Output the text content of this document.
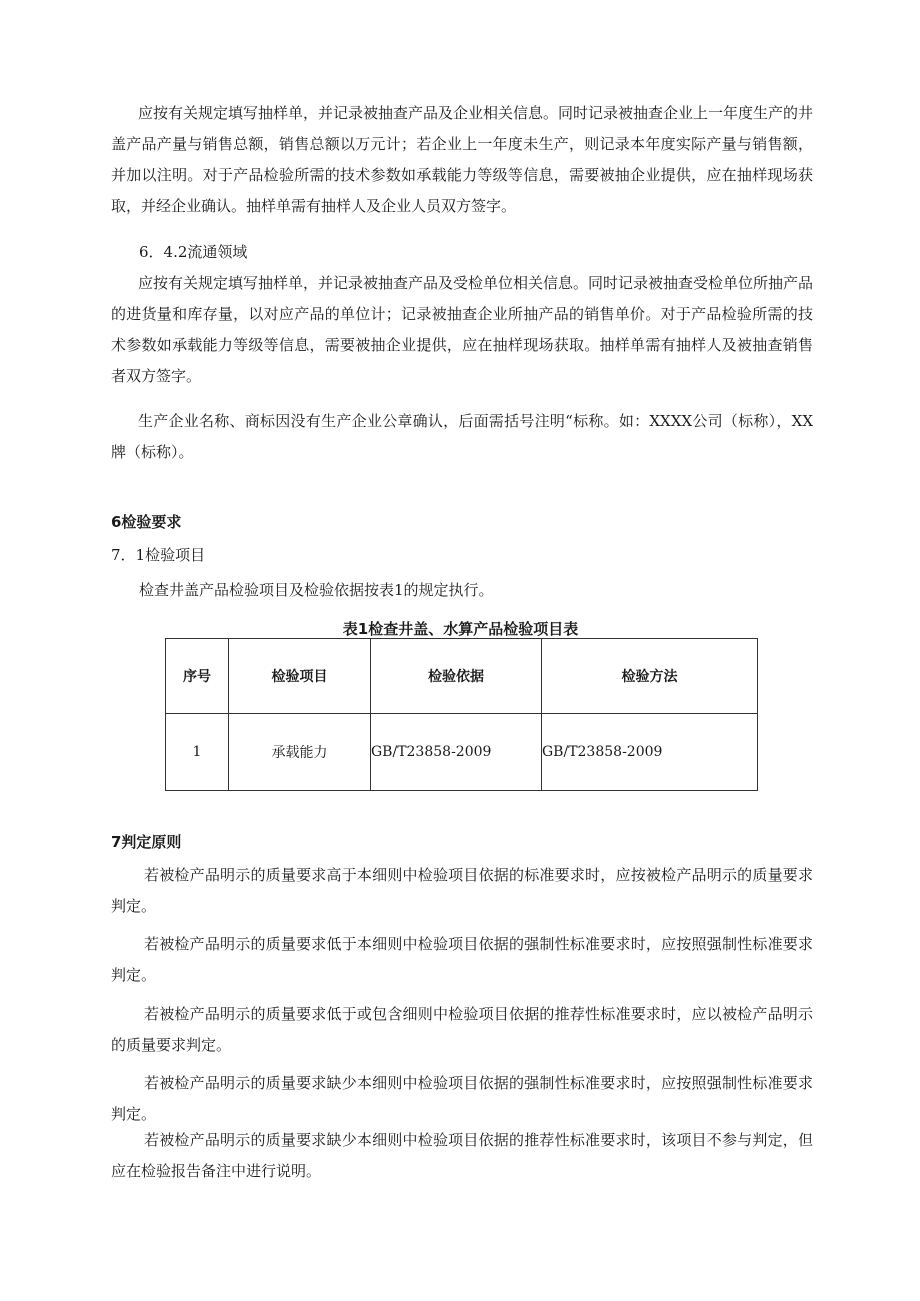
应按有关规定填写抽样单，并记录被抽查产品及企业相关信息。同时记录被抽查企业上一年度生产的井盖产品产量与销售总额，销售总额以万元计；若企业上一年度未生产，则记录本年度实际产量与销售额，并加以注明。对于产品检验所需的技术参数如承载能力等级等信息，需要被抽企业提供，应在抽样现场获取，并经企业确认。抽样单需有抽样人及企业人员双方签字。

6．4.2流通领域

应按有关规定填写抽样单，并记录被抽查产品及受检单位相关信息。同时记录被抽查受检单位所抽产品的进货量和库存量，以对应产品的单位计；记录被抽查企业所抽产品的销售单价。对于产品检验所需的技术参数如承载能力等级等信息，需要被抽企业提供，应在抽样现场获取。抽样单需有抽样人及被抽查销售者双方签字。

生产企业名称、商标因没有生产企业公章确认，后面需括号注明“标称。如：XXXX公司（标称），XX牌（标称）。

6检验要求

7．1检验项目

检查井盖产品检验项目及检验依据按表1的规定执行。

表1检查井盖、水算产品检验项目表

序号	检验项目	检验依据	检验方法
1	承载能力	GB/T23858-2009	GB/T23858-2009

7判定原则

若被检产品明示的质量要求高于本细则中检验项目依据的标准要求时，应按被检产品明示的质量要求判定。

若被检产品明示的质量要求低于本细则中检验项目依据的强制性标准要求时，应按照强制性标准要求判定。

若被检产品明示的质量要求低于或包含细则中检验项目依据的推荐性标准要求时，应以被检产品明示的质量要求判定。

若被检产品明示的质量要求缺少本细则中检验项目依据的强制性标准要求时，应按照强制性标准要求判定。

若被检产品明示的质量要求缺少本细则中检验项目依据的推荐性标准要求时，该项目不参与判定，但应在检验报告备注中进行说明。
